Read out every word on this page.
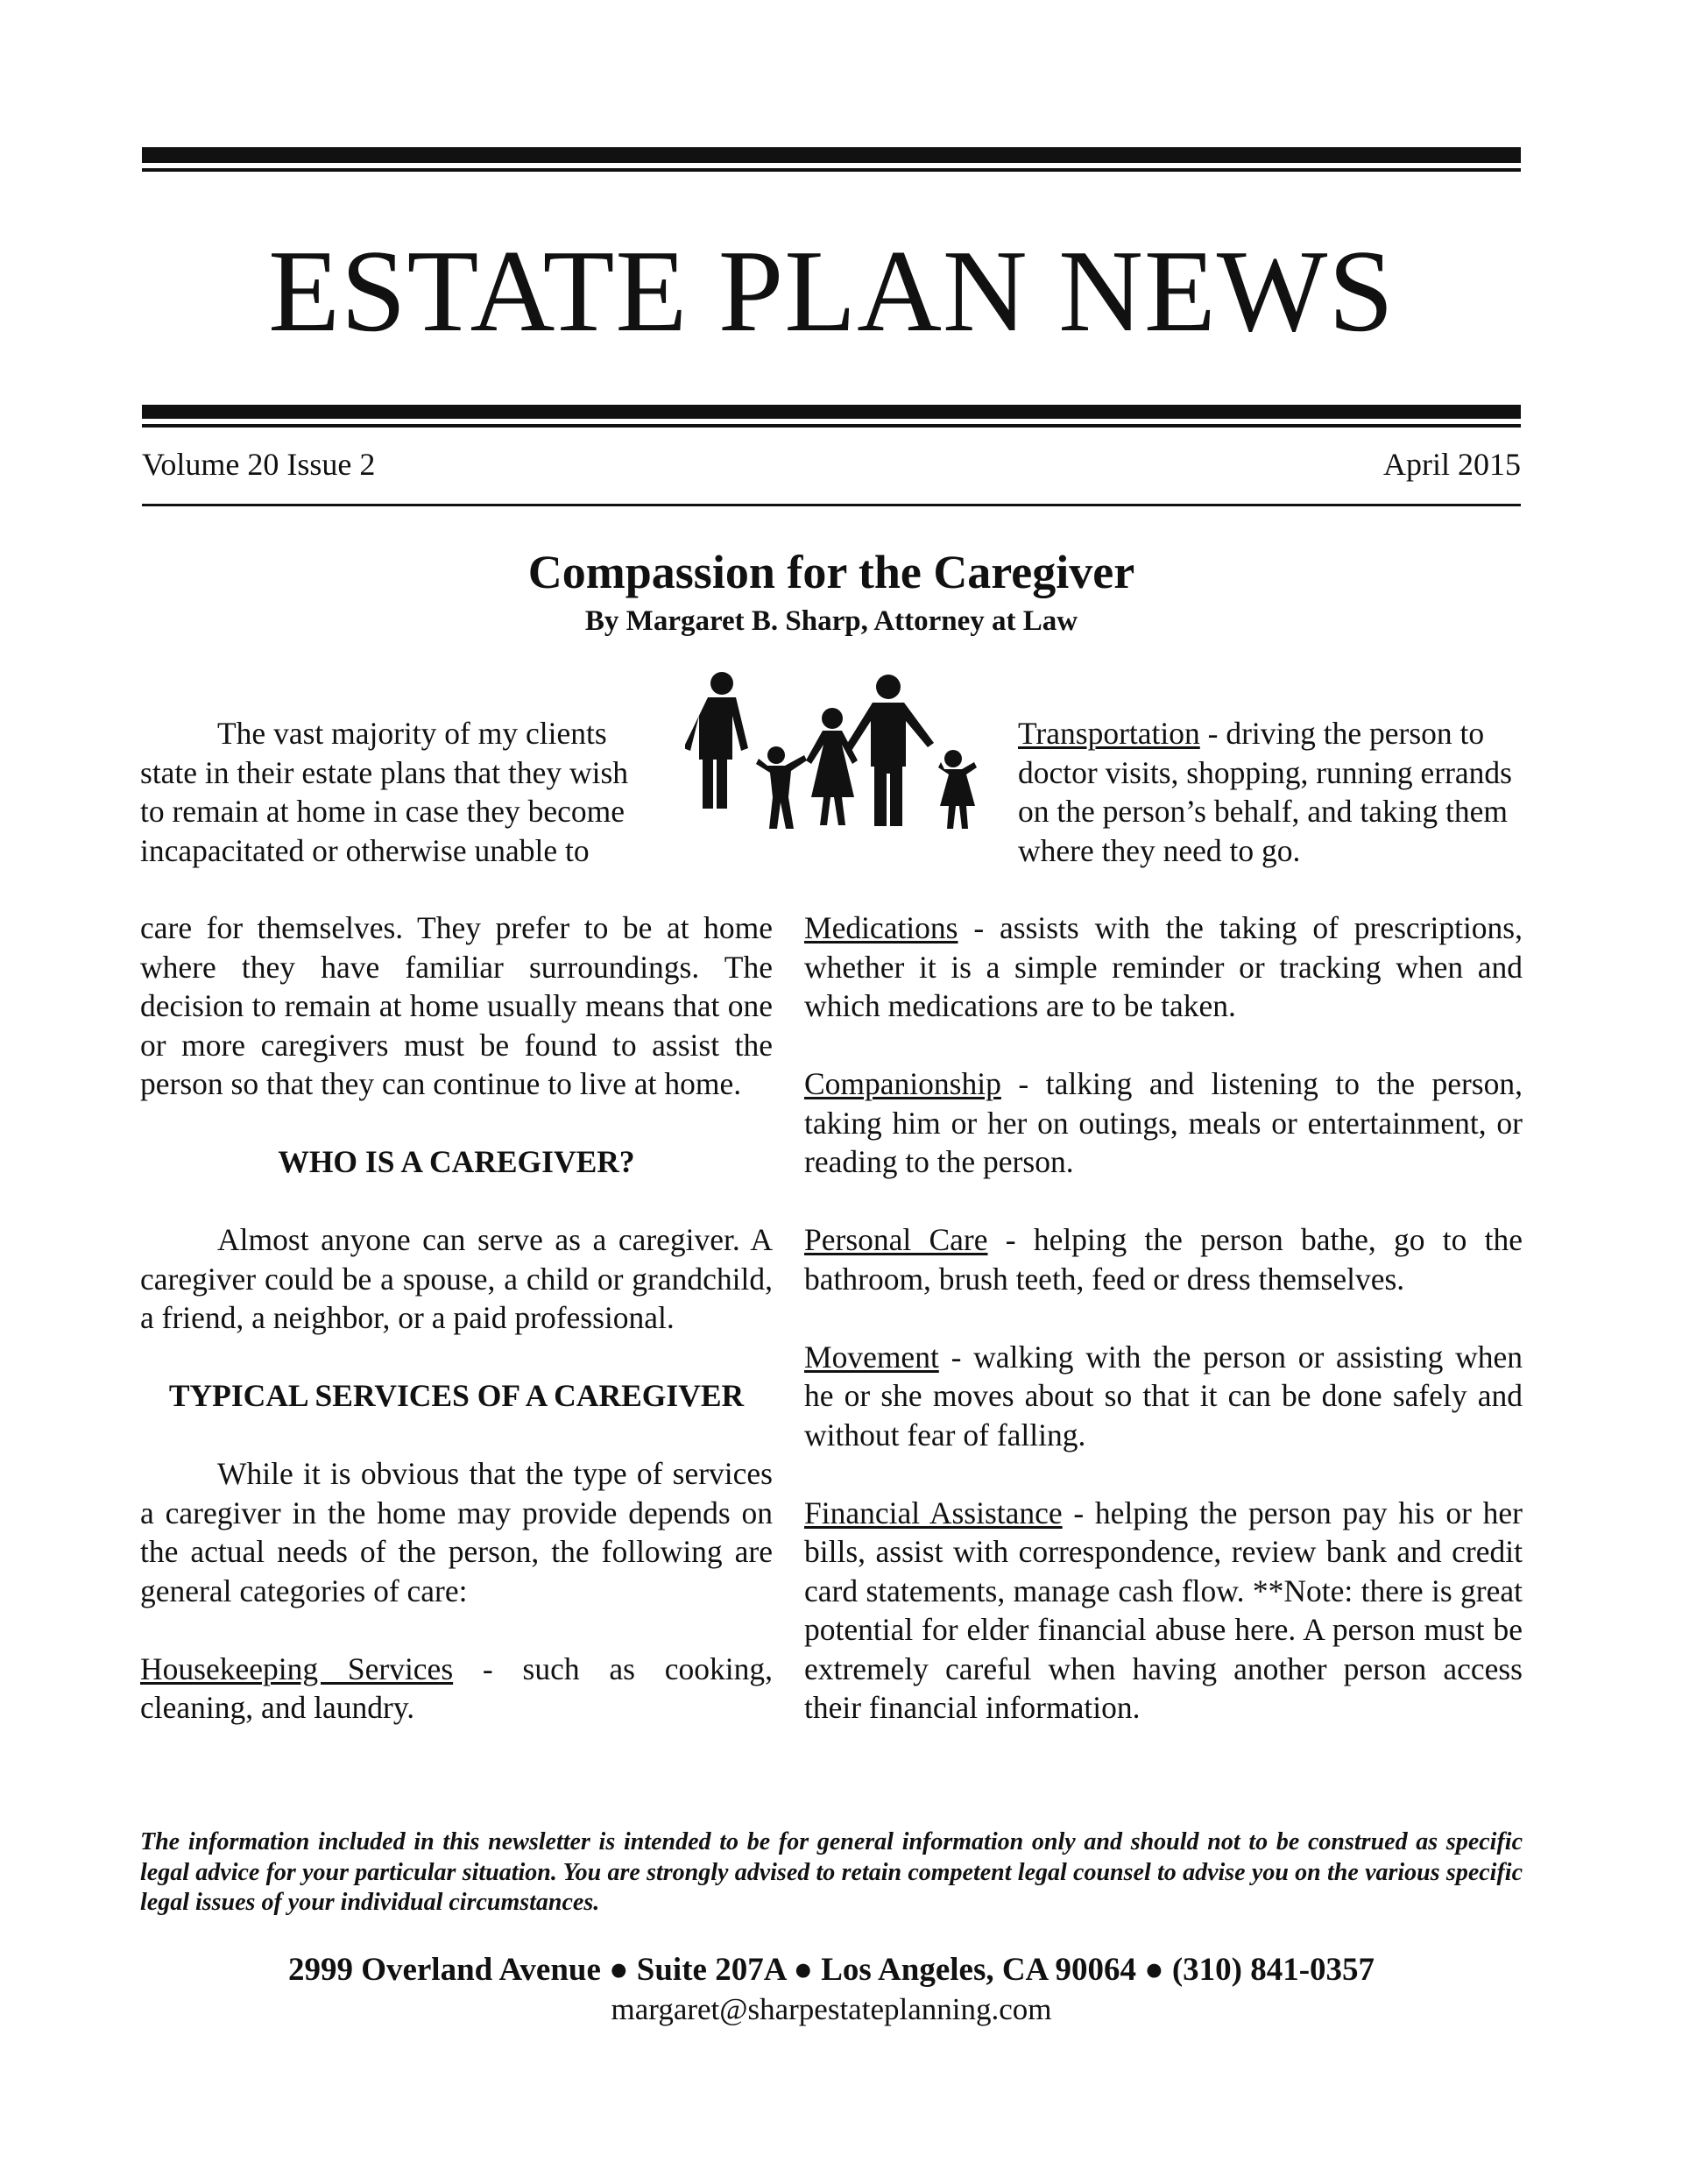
ESTATE PLAN NEWS
Volume 20 Issue 2	April 2015
Compassion for the Caregiver
By Margaret B. Sharp, Attorney at Law

The vast majority of my clients

state in their estate plans that they wish

to remain at home in case they become

incapacitated or otherwise unable to

care for themselves. They prefer to be at home where they have familiar surroundings. The decision to remain at home usually means that one or more caregivers must be found to assist the person so that they can continue to live at home.

WHO IS A CAREGIVER?

Almost anyone can serve as a caregiver. A caregiver could be a spouse, a child or grandchild, a friend, a neighbor, or a paid professional.

TYPICAL SERVICES OF A CAREGIVER

While it is obvious that the type of services a caregiver in the home may provide depends on the actual needs of the person, the following are general categories of care:

Housekeeping Services - such as cooking, cleaning, and laundry.

Transportation - driving the person to doctor visits, shopping, running errands on the person’s behalf, and taking them where they need to go.

Medications - assists with the taking of prescriptions, whether it is a simple reminder or tracking when and which medications are to be taken.

Companionship - talking and listening to the person, taking him or her on outings, meals or entertainment, or reading to the person.

Personal Care - helping the person bathe, go to the bathroom, brush teeth, feed or dress themselves.

Movement - walking with the person or assisting when he or she moves about so that it can be done safely and without fear of falling.

Financial Assistance - helping the person pay his or her bills, assist with correspondence, review bank and credit card statements, manage cash flow. **Note: there is great potential for elder financial abuse here. A person must be extremely careful when having another person access their financial information.

The information included in this newsletter is intended to be for general information only and should not to be construed as specific legal advice for your particular situation. You are strongly advised to retain competent legal counsel to advise you on the various specific legal issues of your individual circumstances.
2999 Overland Avenue ● Suite 207A ● Los Angeles, CA 90064 ● (310) 841-0357
margaret@sharpestateplanning.com
